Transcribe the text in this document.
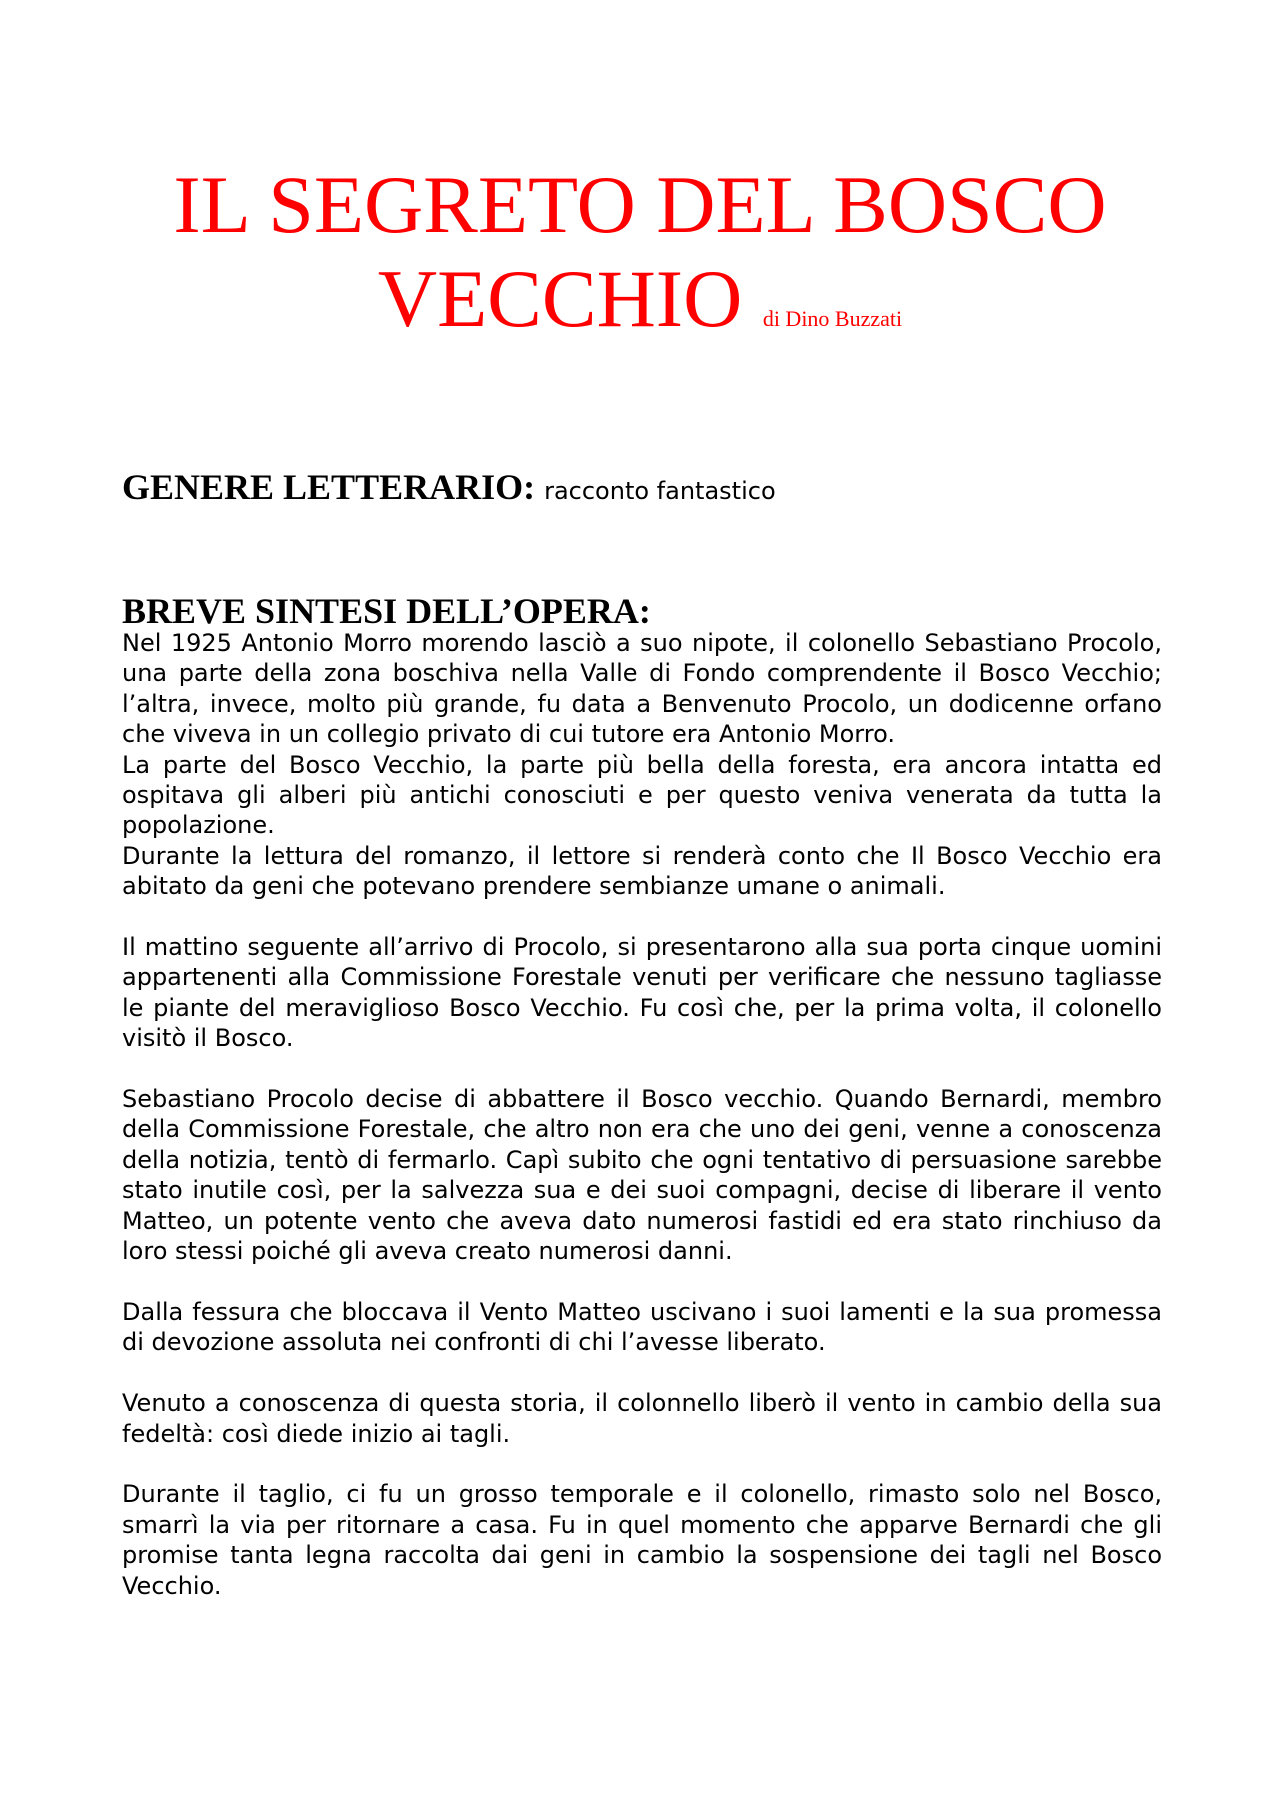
IL SEGRETO DEL BOSCO
VECCHIO di Dino Buzzati
GENERE LETTERARIO: racconto fantastico
BREVE SINTESI DELL’OPERA:

Nel 1925 Antonio Morro morendo lasciò a suo nipote, il colonello Sebastiano Procolo, una parte della zona boschiva nella Valle di Fondo comprendente il Bosco Vecchio; l’altra, invece, molto più grande, fu data a Benvenuto Procolo, un dodicenne orfano che viveva in un collegio privato di cui tutore era Antonio Morro.

La parte del Bosco Vecchio, la parte più bella della foresta, era ancora intatta ed ospitava gli alberi più antichi conosciuti e per questo veniva venerata da tutta la popolazione.

Durante la lettura del romanzo, il lettore si renderà conto che Il Bosco Vecchio era abitato da geni che potevano prendere sembianze umane o animali.

Il mattino seguente all’arrivo di Procolo, si presentarono alla sua porta cinque uomini appartenenti alla Commissione Forestale venuti per verificare che nessuno tagliasse le piante del meraviglioso Bosco Vecchio. Fu così che, per la prima volta, il colonello visitò il Bosco.

Sebastiano Procolo decise di abbattere il Bosco vecchio. Quando Bernardi, membro della Commissione Forestale, che altro non era che uno dei geni, venne a conoscenza della notizia, tentò di fermarlo. Capì subito che ogni tentativo di persuasione sarebbe stato inutile così, per la salvezza sua e dei suoi compagni, decise di liberare il vento Matteo, un potente vento che aveva dato numerosi fastidi ed era stato rinchiuso da loro stessi poiché gli aveva creato numerosi danni.

Dalla fessura che bloccava il Vento Matteo uscivano i suoi lamenti e la sua promessa di devozione assoluta nei confronti di chi l’avesse liberato.

Venuto a conoscenza di questa storia, il colonnello liberò il vento in cambio della sua fedeltà: così diede inizio ai tagli.

Durante il taglio, ci fu un grosso temporale e il colonello, rimasto solo nel Bosco, smarrì la via per ritornare a casa. Fu in quel momento che apparve Bernardi che gli promise tanta legna raccolta dai geni in cambio la sospensione dei tagli nel Bosco Vecchio.
